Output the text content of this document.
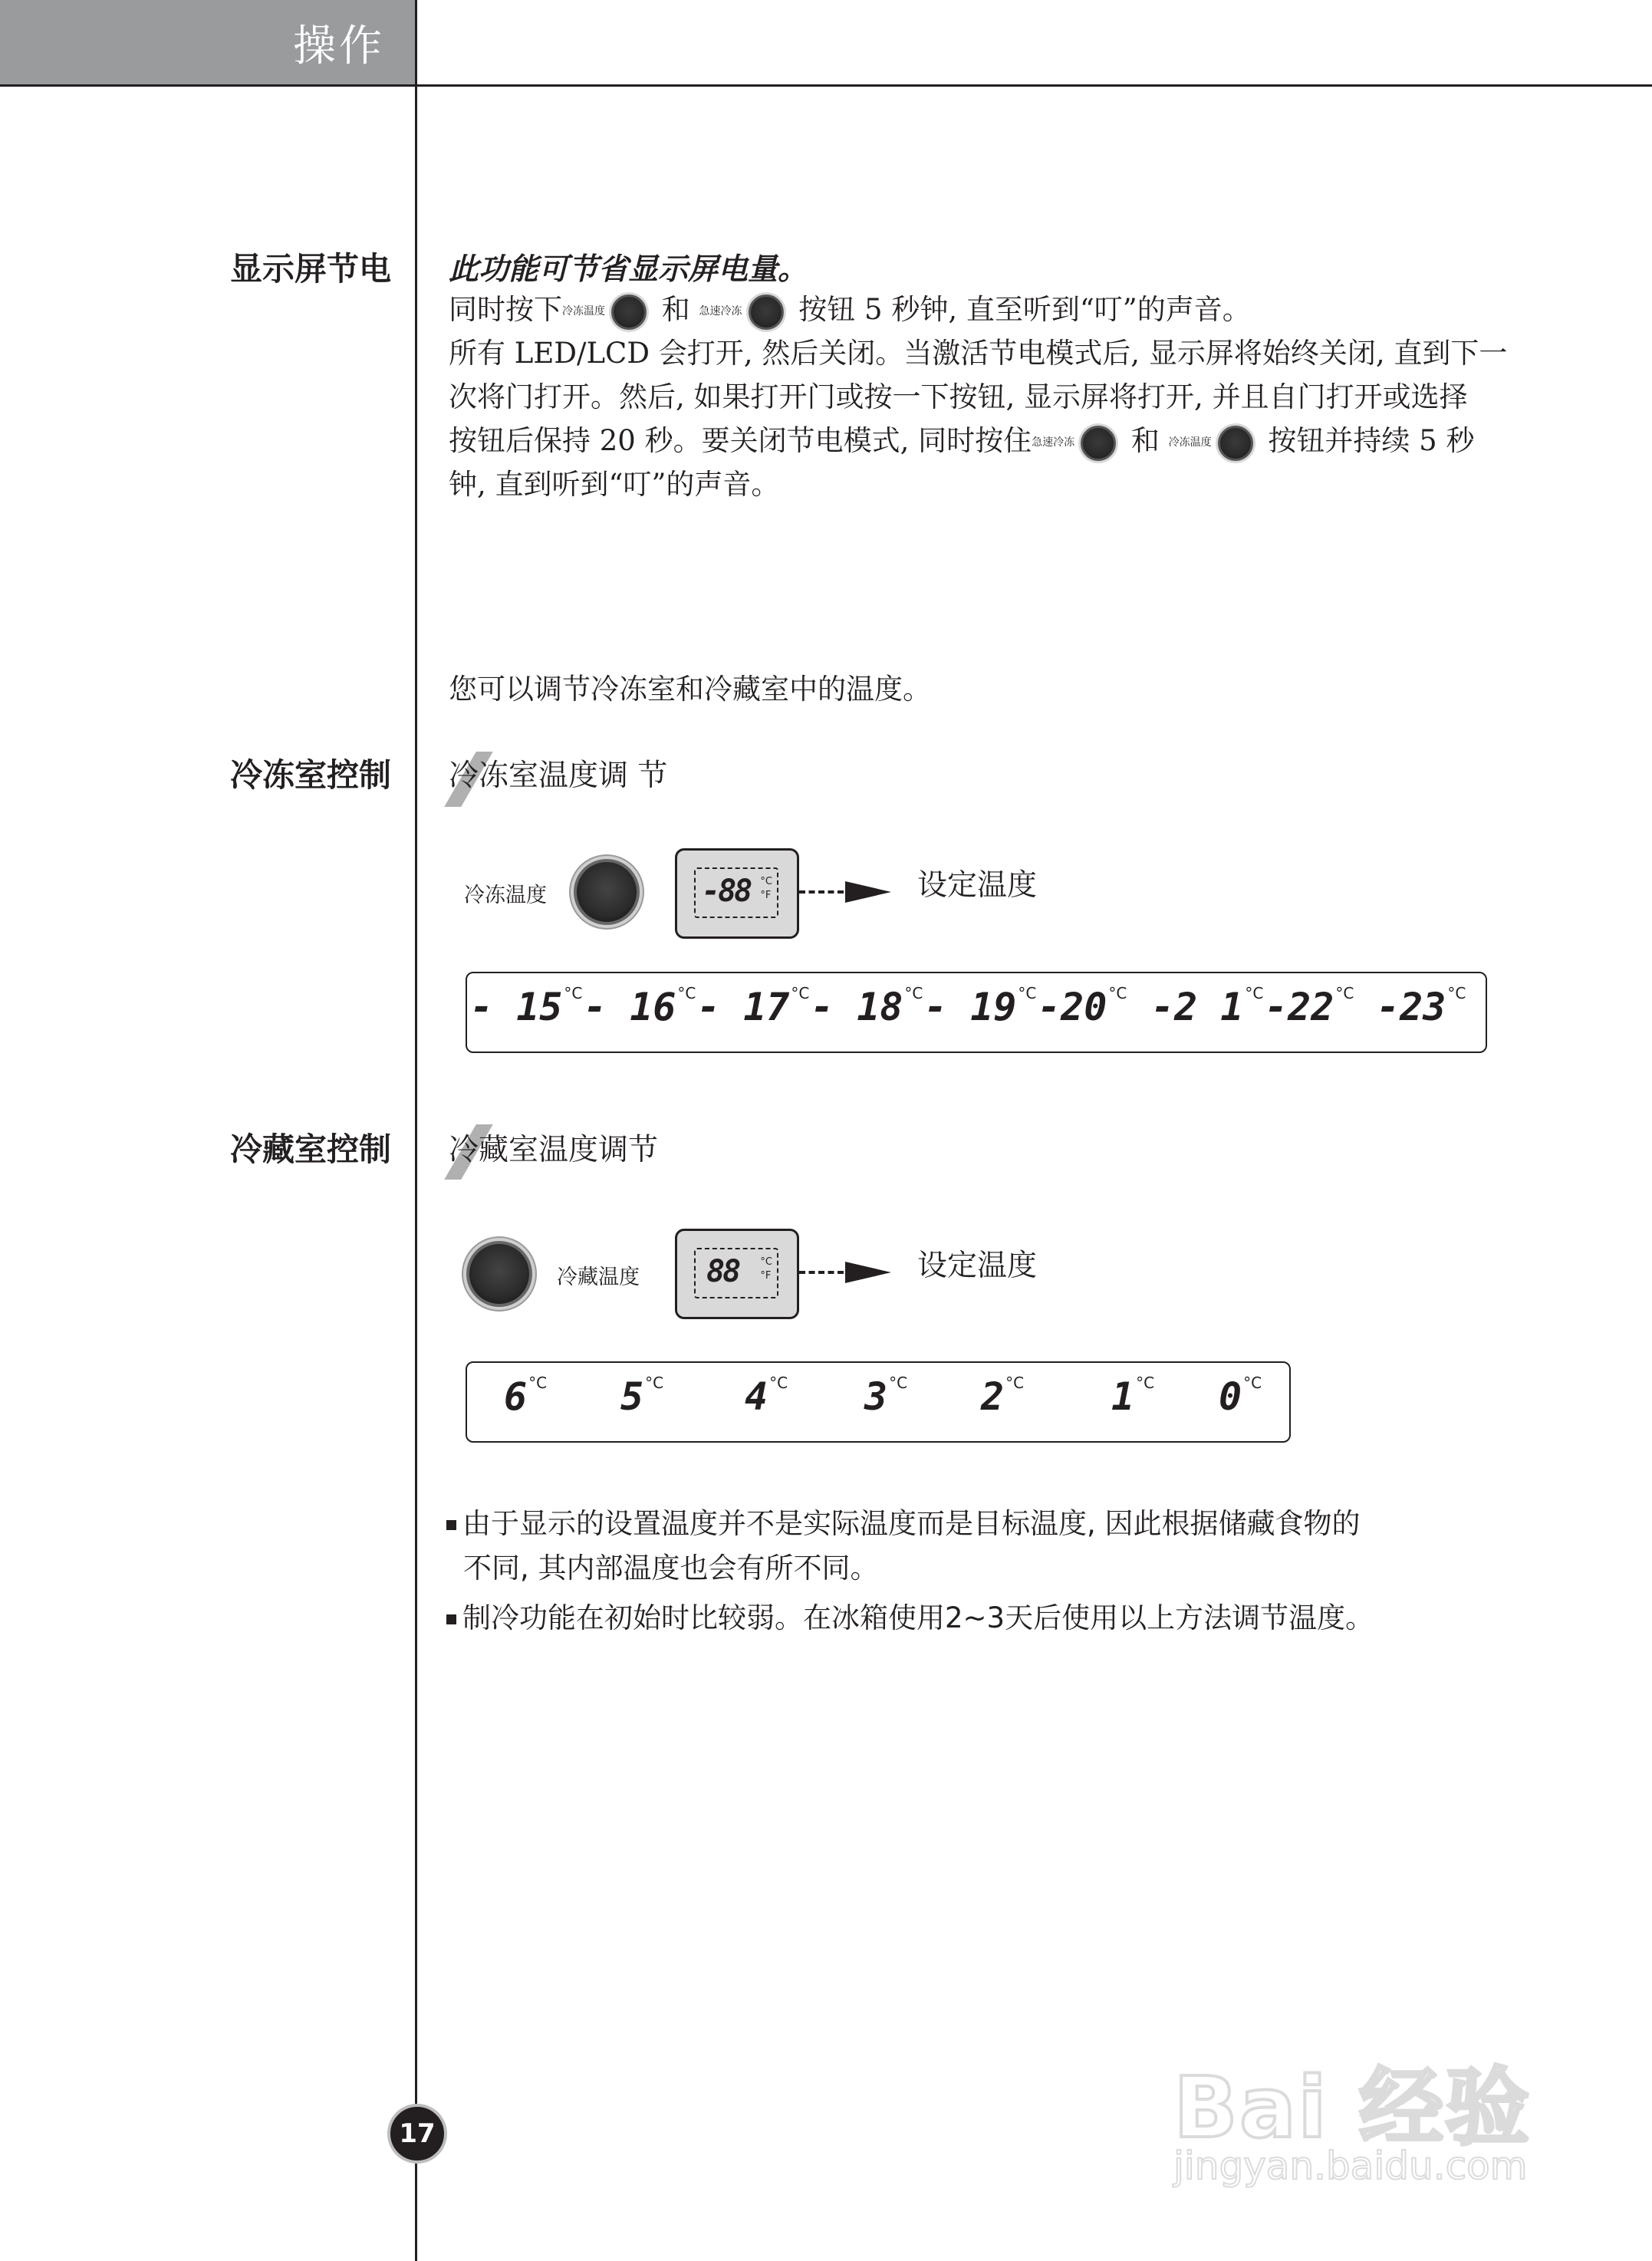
操作
显示屏节电 此功能可节省显示屏电量。
同时按下冷冻温度 和 急速冷冻 按钮 5 秒钟, 直至听到“叮”的声音。
所有 LED/LCD 会打开, 然后关闭。当激活节电模式后, 显示屏将始终关闭, 直到下一
次将门打开。然后, 如果打开门或按一下按钮, 显示屏将打开, 并且自门打开或选择
按钮后保持 20 秒。要关闭节电模式, 同时按住急速冷冻 和 冷冻温度 按钮并持续 5 秒
钟, 直到听到“叮”的声音。
您可以调节冷冻室和冷藏室中的温度。
冷冻室控制 冷冻室温度调 节
冷冻温度	-88 °C
°F	设定温度
- 15 $^{^\circ C}$ - 16 $^{^\circ C}$ - 17 $^{^\circ C}$ - 18 $^{^\circ C}$ - 19 $^{^\circ C}$ -20 $^{^\circ C}$ -2 1 $^{^\circ C}$ -22 $^{^\circ C}$ -23 $^{^\circ C}$
冷藏室控制 冷藏室温度调节
冷藏温度 88 °C
°F	设定温度
6 $^{^\circ C}$ 5 $^{^\circ C}$ 4 $^{^\circ C}$ 3 $^{^\circ C}$ 2 $^{^\circ C}$ 1 $^{^\circ C}$ 0 $^{^\circ C}$
由于显示的设置温度并不是实际温度而是目标温度, 因此根据储藏食物的
不同, 其内部温度也会有所不同。
制冷功能在初始时比较弱。在冰箱使用2~3天后使用以上方法调节温度。
17	Bai 经验
jingyan.baidu.com
